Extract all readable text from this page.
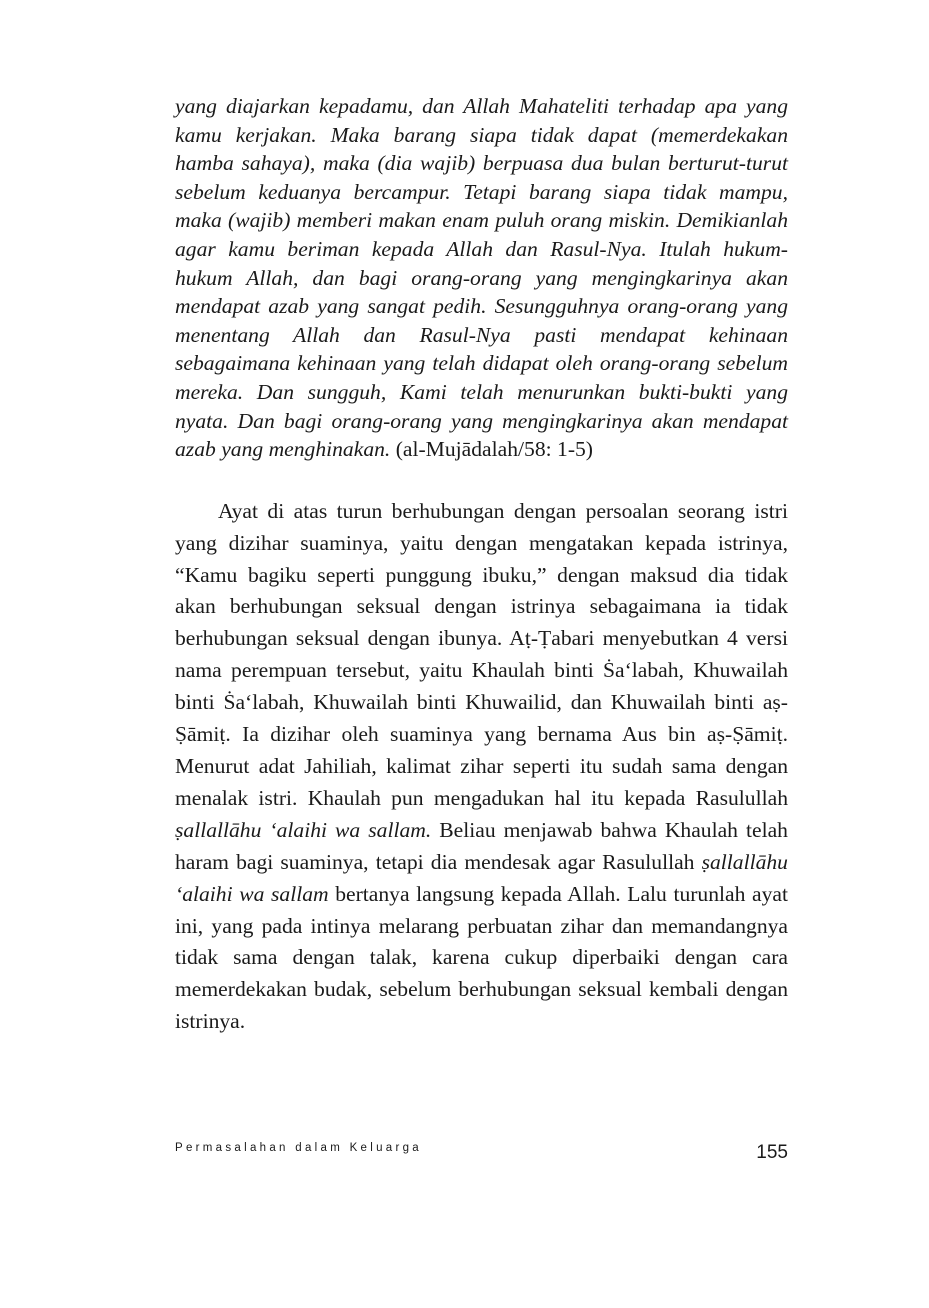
yang diajarkan kepadamu, dan Allah Mahateliti terhadap apa yang kamu kerjakan. Maka barang siapa tidak dapat (memerdekakan hamba sahaya), maka (dia wajib) berpuasa dua bulan berturut-turut sebelum keduanya bercampur. Tetapi barang siapa tidak mampu, maka (wajib) memberi makan enam puluh orang miskin. Demikianlah agar kamu beriman kepada Allah dan Rasul-Nya. Itulah hukum-hukum Allah, dan bagi orang-orang yang mengingkarinya akan mendapat azab yang sangat pedih. Sesungguhnya orang-orang yang menentang Allah dan Rasul-Nya pasti mendapat kehinaan sebagaimana kehinaan yang telah didapat oleh orang-orang sebelum mereka. Dan sungguh, Kami telah menurunkan bukti-bukti yang nyata. Dan bagi orang-orang yang mengingkarinya akan mendapat azab yang menghinakan. (al-Mujādalah/58: 1-5)

Ayat di atas turun berhubungan dengan persoalan seorang istri yang dizihar suaminya, yaitu dengan mengatakan kepada istrinya, “Kamu bagiku seperti punggung ibuku,” dengan maksud dia tidak akan berhubungan seksual dengan istrinya sebagaimana ia tidak berhubungan seksual dengan ibunya. Aṭ-Ṭabari menyebutkan 4 versi nama perempuan tersebut, yaitu Khaulah binti Ṡa‘labah, Khuwailah binti Ṡa‘labah, Khuwailah binti Khuwailid, dan Khuwailah binti aṣ-Ṣāmiṭ. Ia dizihar oleh suaminya yang bernama Aus bin aṣ-Ṣāmiṭ. Menurut adat Jahiliah, kalimat zihar seperti itu sudah sama dengan menalak istri. Khaulah pun mengadukan hal itu kepada Rasulullah ṣallallāhu ‘alaihi wa sallam. Beliau menjawab bahwa Khaulah telah haram bagi suaminya, tetapi dia mendesak agar Rasulullah ṣallallāhu ‘alaihi wa sallam bertanya langsung kepada Allah. Lalu turunlah ayat ini, yang pada intinya melarang perbuatan zihar dan memandangnya tidak sama dengan talak, karena cukup diperbaiki dengan cara memerdekakan budak, sebelum berhubungan seksual kembali dengan istrinya.

Permasalahan dalam Keluarga	155
